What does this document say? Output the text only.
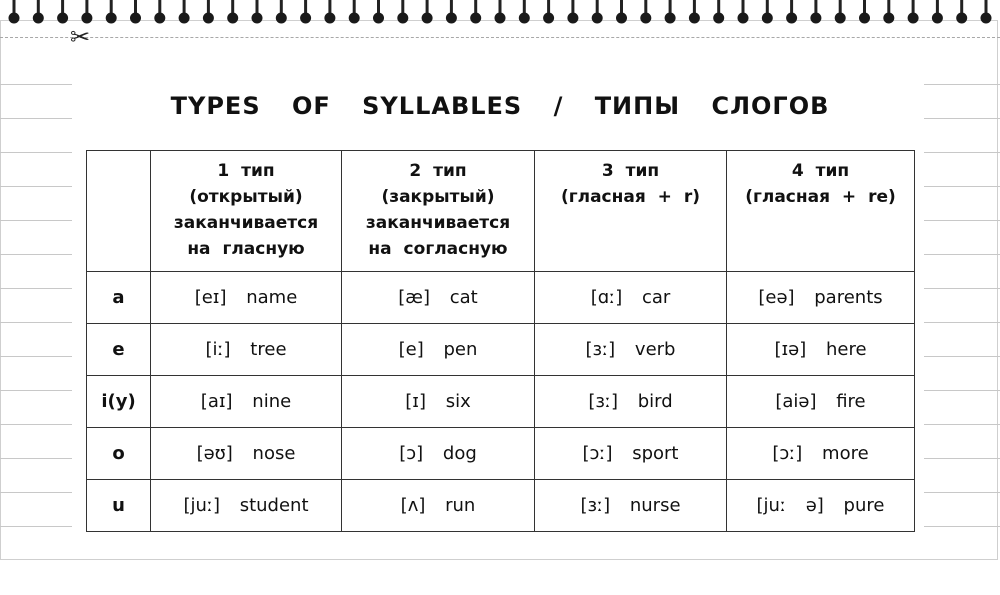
✂
TYPES OF SYLLABLES / ТИПЫ СЛОГОВ

	1 тип
(открытый)
заканчивается
на гласную	2 тип
(закрытый)
заканчивается
на согласную	3 тип
(гласная + r)	4 тип
(гласная + re)

a	[eɪ] name	[æ] cat	[ɑː] car	[eə] parents
e	[iː] tree	[e] pen	[ɜː] verb	[ɪə] here
i(y)	[aɪ] nine	[ɪ] six	[ɜː] bird	[aiə] fire
o	[əʊ] nose	[ɔ] dog	[ɔː] sport	[ɔː] more
u	[juː] student	[ʌ] run	[ɜː] nurse	[juː ə] pure
